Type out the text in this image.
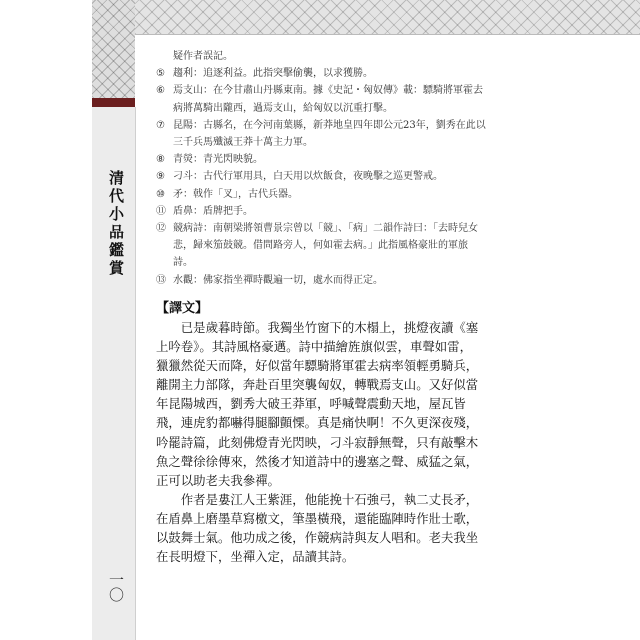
清代小品鑑賞
一〇
疑作者誤記。
⑤ 趨利：追逐利益。此指突擊偷襲，以求獲勝。
⑥ 焉支山：在今甘肅山丹縣東南。據《史記・匈奴傳》載：驃騎將軍霍去病將萬騎出隴西，過焉支山，給匈奴以沉重打擊。
⑦ 昆陽：古縣名，在今河南葉縣，新莽地皇四年即公元23年，劉秀在此以三千兵馬殲滅王莽十萬主力軍。
⑧ 青熒：青光閃映貌。
⑨ 刁斗：古代行軍用具，白天用以炊飯食，夜晚擊之巡更警戒。
⑩ 矛：戟作「叉」，古代兵器。
⑪ 盾鼻：盾牌把手。
⑫ 競病詩：南朝梁將領曹景宗曾以「競」、「病」二韻作詩曰：「去時兒女悲，歸來笳鼓競。借問路旁人，何如霍去病。」此指風格豪壯的軍旅詩。
⑬ 水觀：佛家指坐禪時觀遍一切，處水而得正定。
【譯文】

已是歲暮時節。我獨坐竹窗下的木榻上，挑燈夜讀《塞上吟卷》。其詩風格豪邁。詩中描繪旌旗似雲，車聲如雷，獵獵然從天而降，好似當年驃騎將軍霍去病率領輕勇騎兵，離開主力部隊，奔赴百里突襲匈奴，轉戰焉支山。又好似當年昆陽城西，劉秀大破王莽軍，呼喊聲震動天地，屋瓦皆飛，連虎豹都嚇得腿腳顫慄。真是痛快啊！不久更深夜殘，吟罷詩篇，此刻佛燈青光閃映，刁斗寂靜無聲，只有敲擊木魚之聲徐徐傳來，然後才知道詩中的邊塞之聲、威猛之氣，正可以助老夫我參禪。

作者是婁江人王紫涯，他能挽十石強弓，執二丈長矛，在盾鼻上磨墨草寫檄文，筆墨橫飛，還能臨陣時作壯士歌，以鼓舞士氣。他功成之後，作競病詩與友人唱和。老夫我坐在長明燈下，坐禪入定，品讀其詩。
